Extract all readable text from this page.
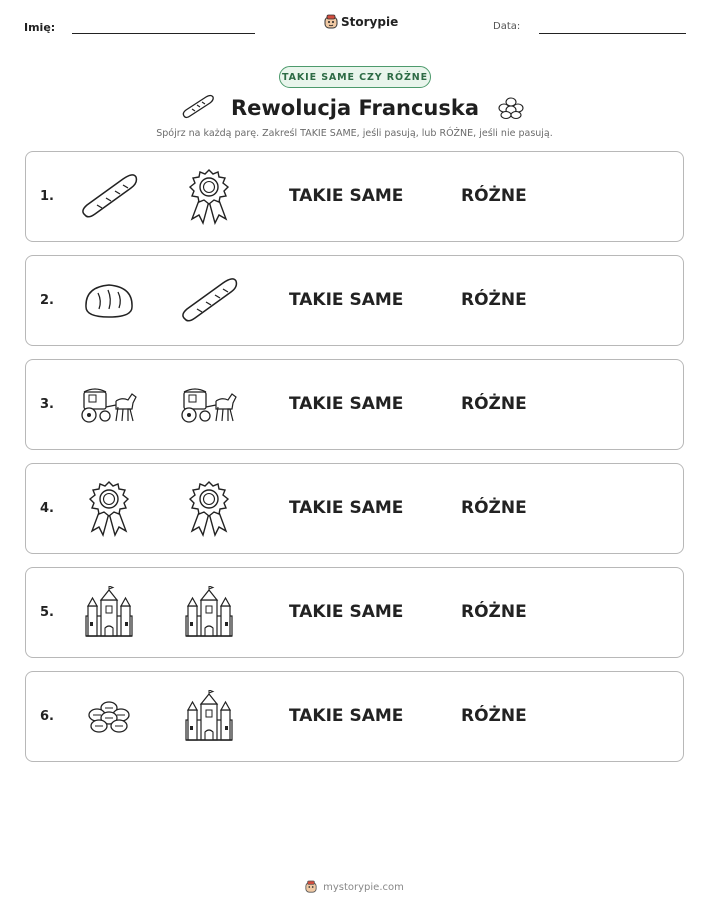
Imię:	Storypie	Data:
TAKIE SAME CZY RÓŻNE
Rewolucja Francuska
Spójrz na każdą parę. Zakreśl TAKIE SAME, jeśli pasują, lub RÓŻNE, jeśli nie pasują.
1.	TAKIE SAME	RÓŻNE
2.	TAKIE SAME	RÓŻNE
3.	TAKIE SAME	RÓŻNE
4.	TAKIE SAME	RÓŻNE
5.	TAKIE SAME	RÓŻNE
6.	TAKIE SAME	RÓŻNE
mystorypie.com
